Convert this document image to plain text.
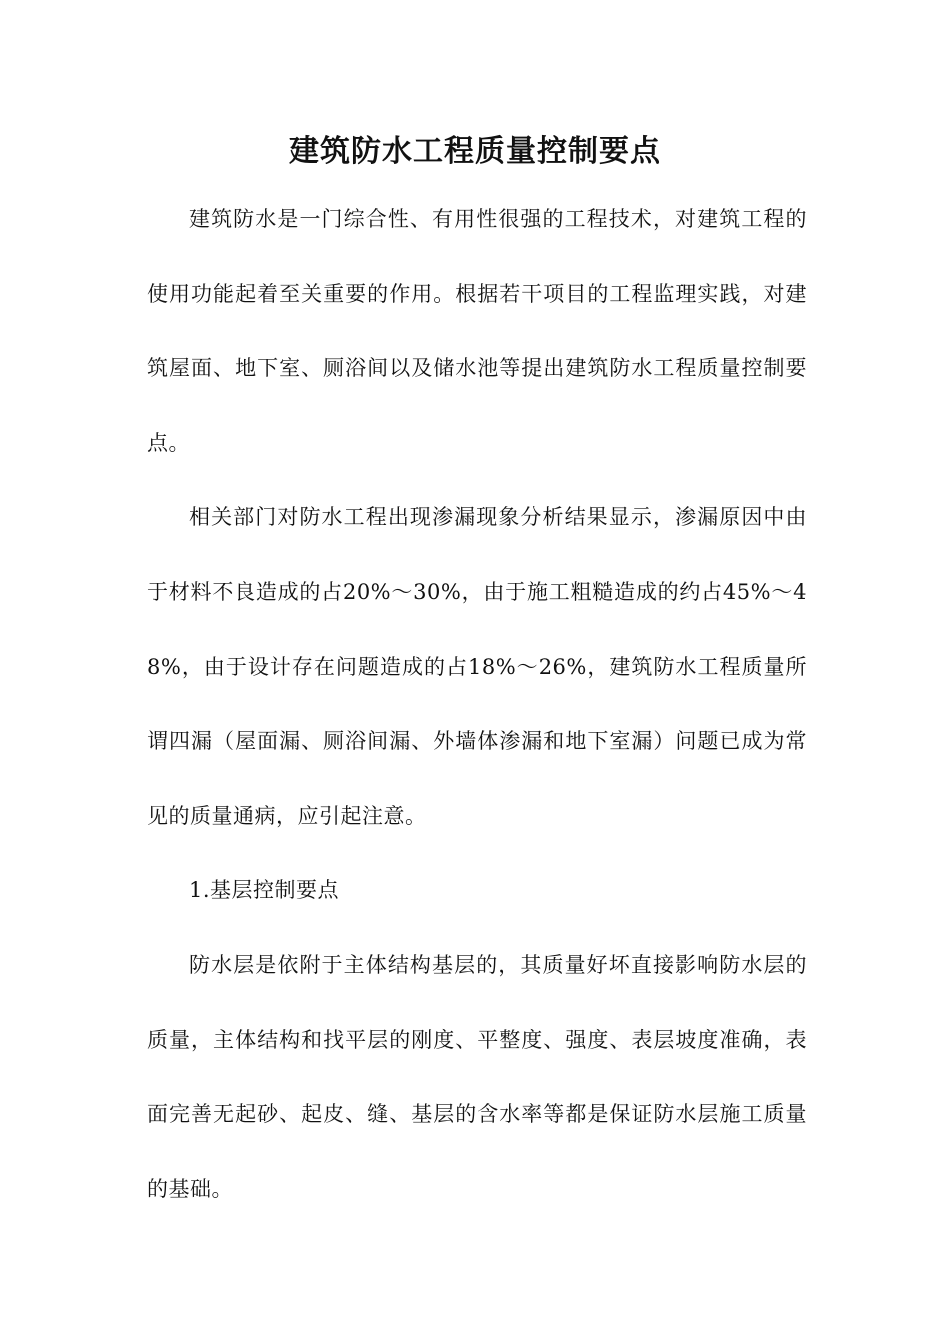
建筑防水工程质量控制要点

建筑防水是一门综合性、有用性很强的工程技术，对建筑工程的使用功能起着至关重要的作用。根据若干项目的工程监理实践，对建筑屋面、地下室、厕浴间以及储水池等提出建筑防水工程质量控制要点。

相关部门对防水工程出现渗漏现象分析结果显示，渗漏原因中由于材料不良造成的占20%～30%，由于施工粗糙造成的约占45%～48%，由于设计存在问题造成的占18%～26%，建筑防水工程质量所谓四漏（屋面漏、厕浴间漏、外墙体渗漏和地下室漏）问题已成为常见的质量通病，应引起注意。

1.基层控制要点

防水层是依附于主体结构基层的，其质量好坏直接影响防水层的质量，主体结构和找平层的刚度、平整度、强度、表层坡度准确，表面完善无起砂、起皮、缝、基层的含水率等都是保证防水层施工质量的基础。
